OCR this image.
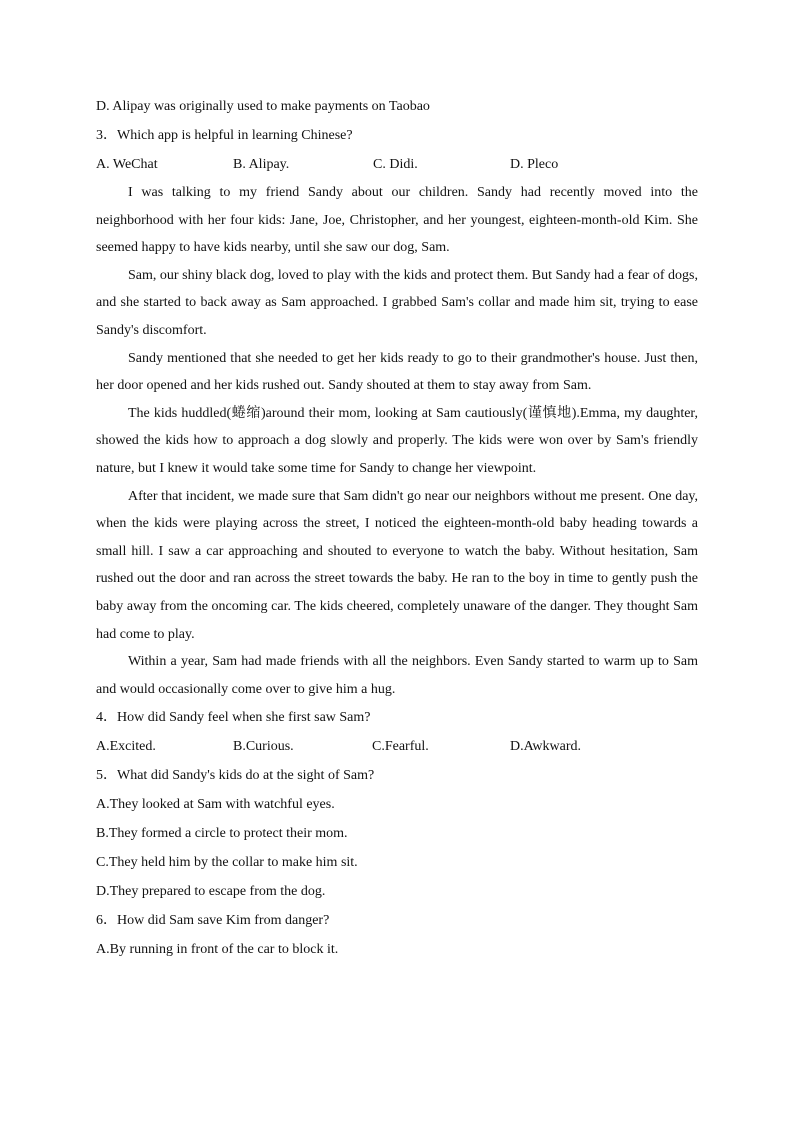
D. Alipay was originally used to make payments on Taobao
3．Which app is helpful in learning Chinese?
A. WeChat	B. Alipay.	C. Didi.	D. Pleco

I was talking to my friend Sandy about our children. Sandy had recently moved into the neighborhood with her four kids: Jane, Joe, Christopher, and her youngest, eighteen-month-old Kim. She seemed happy to have kids nearby, until she saw our dog, Sam.

Sam, our shiny black dog, loved to play with the kids and protect them. But Sandy had a fear of dogs, and she started to back away as Sam approached. I grabbed Sam's collar and made him sit, trying to ease Sandy's discomfort.

Sandy mentioned that she needed to get her kids ready to go to their grandmother's house. Just then, her door opened and her kids rushed out. Sandy shouted at them to stay away from Sam.

The kids huddled(蜷缩)around their mom, looking at Sam cautiously(谨慎地).Emma, my daughter, showed the kids how to approach a dog slowly and properly. The kids were won over by Sam's friendly nature, but I knew it would take some time for Sandy to change her viewpoint.

After that incident, we made sure that Sam didn't go near our neighbors without me present. One day, when the kids were playing across the street, I noticed the eighteen-month-old baby heading towards a small hill. I saw a car approaching and shouted to everyone to watch the baby. Without hesitation, Sam rushed out the door and ran across the street towards the baby. He ran to the boy in time to gently push the baby away from the oncoming car. The kids cheered, completely unaware of the danger. They thought Sam had come to play.

Within a year, Sam had made friends with all the neighbors. Even Sandy started to warm up to Sam and would occasionally come over to give him a hug.

4．How did Sandy feel when she first saw Sam?
A.Excited.	B.Curious.	C.Fearful.	D.Awkward.
5．What did Sandy's kids do at the sight of Sam?
A.They looked at Sam with watchful eyes.
B.They formed a circle to protect their mom.
C.They held him by the collar to make him sit.
D.They prepared to escape from the dog.
6．How did Sam save Kim from danger?
A.By running in front of the car to block it.
